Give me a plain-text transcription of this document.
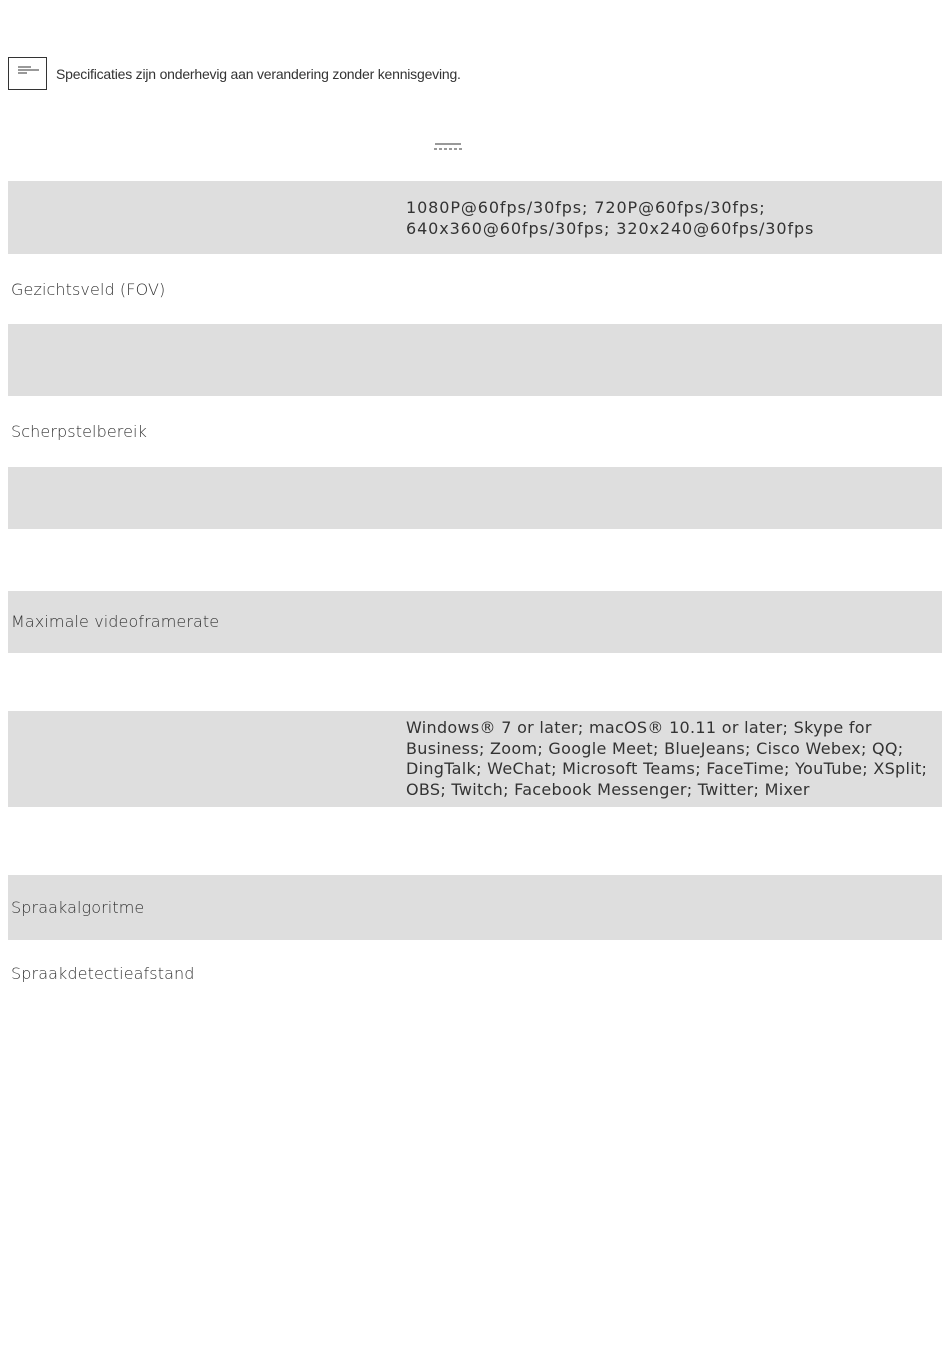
Specificaties zijn onderhevig aan verandering zonder kennisgeving.
1080P@60fps/30fps; 720P@60fps/30fps; 640x360@60fps/30fps; 320x240@60fps/30fps
Gezichtsveld (FOV)
Scherpstelbereik
Maximale videoframerate
Windows® 7 or later; macOS® 10.11 or later; Skype for Business; Zoom; Google Meet; BlueJeans; Cisco Webex; QQ; DingTalk; WeChat; Microsoft Teams; FaceTime; YouTube; XSplit; OBS; Twitch; Facebook Messenger; Twitter; Mixer
Spraakalgoritme
Spraakdetectieafstand
